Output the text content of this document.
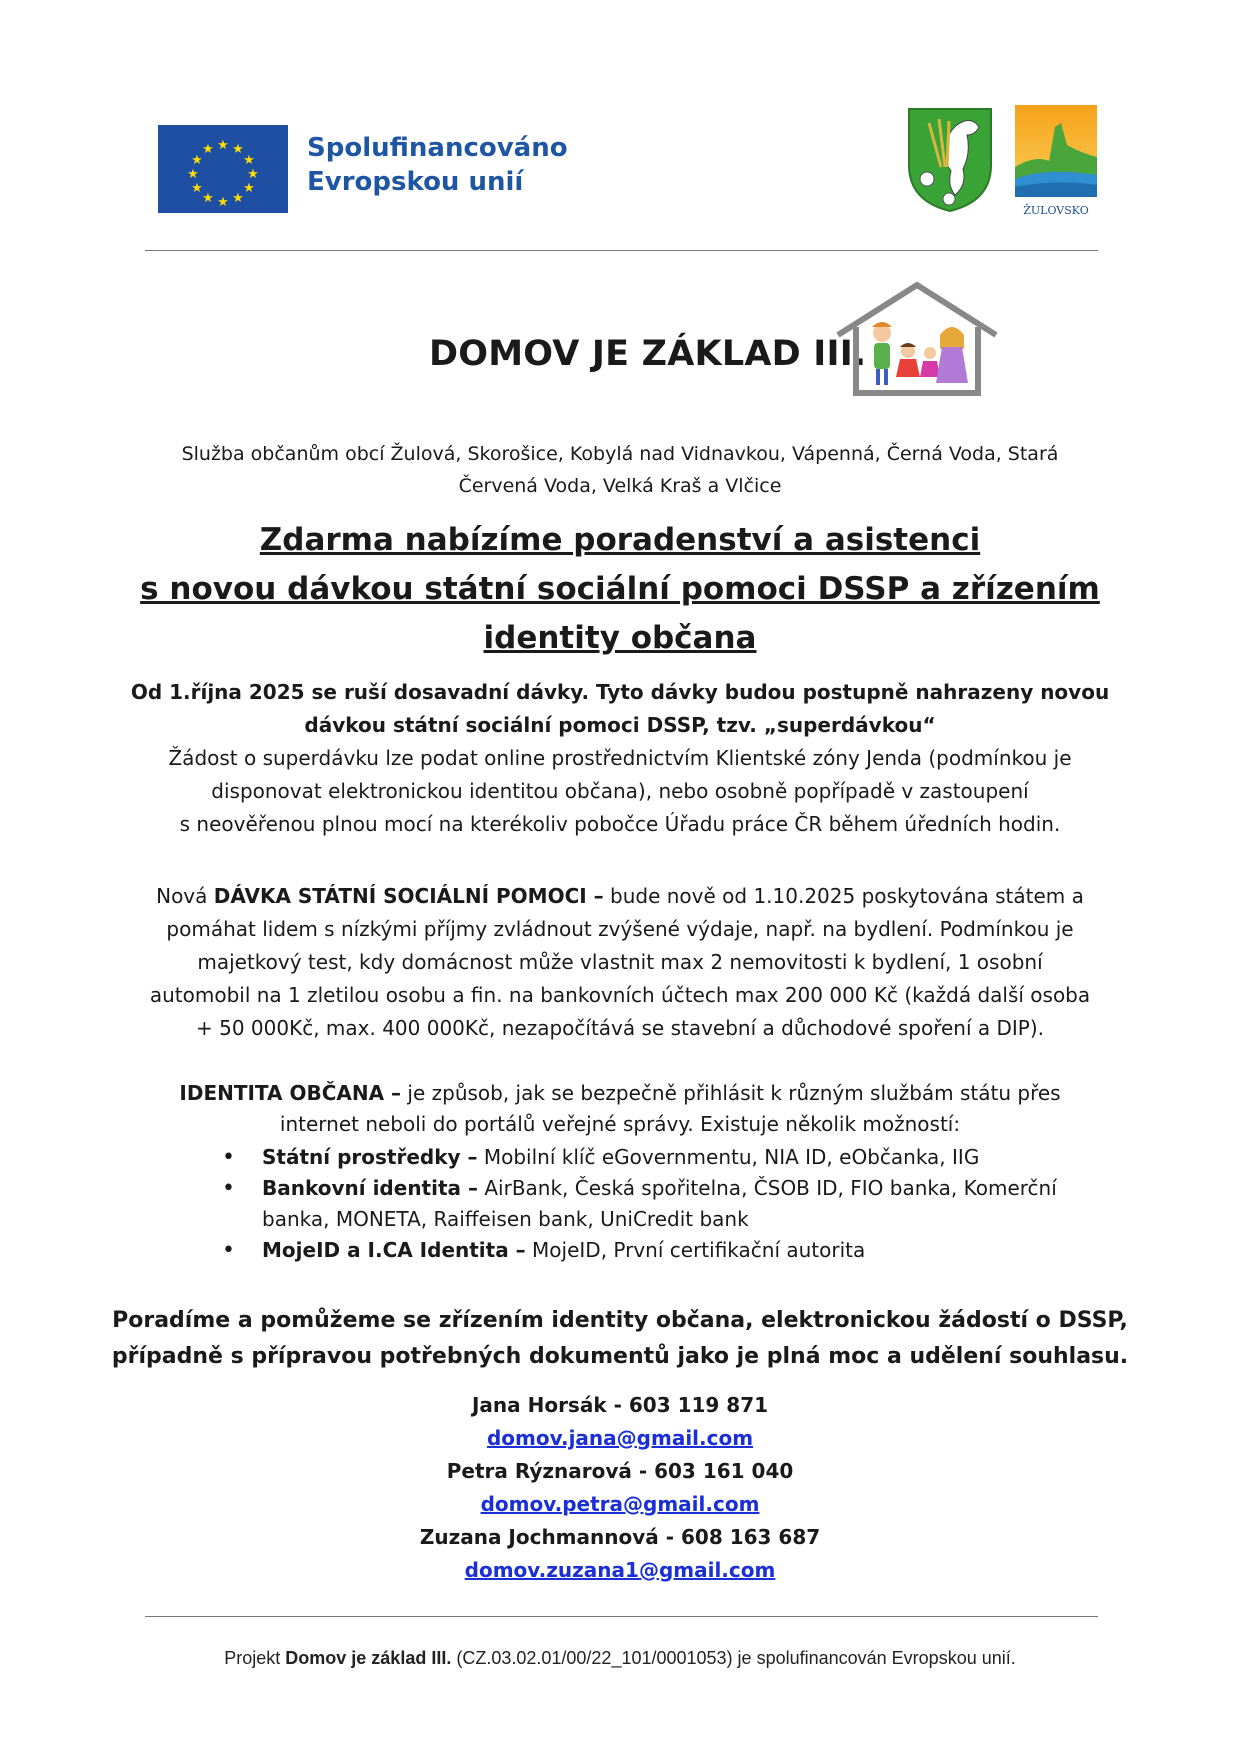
★ ★
★
★
★
★
★
★
★
★
★
★	Spolufinancováno
Evropskou unií
ŽULOVSKO
DOMOV JE ZÁKLAD III.
Služba občanům obcí Žulová, Skorošice, Kobylá nad Vidnavkou, Vápenná, Černá Voda, Stará
Červená Voda, Velká Kraš a Vlčice
Zdarma nabízíme poradenství a asistenci
s novou dávkou státní sociální pomoci DSSP a zřízením
identity občana
Od 1.října 2025 se ruší dosavadní dávky. Tyto dávky budou postupně nahrazeny novou
dávkou státní sociální pomoci DSSP, tzv. „superdávkou“
Žádost o superdávku lze podat online prostřednictvím Klientské zóny Jenda (podmínkou je
disponovat elektronickou identitou občana), nebo osobně popřípadě v zastoupení
s neověřenou plnou mocí na kterékoliv pobočce Úřadu práce ČR během úředních hodin.
Nová DÁVKA STÁTNÍ SOCIÁLNÍ POMOCI – bude nově od 1.10.2025 poskytována státem a
pomáhat lidem s nízkými příjmy zvládnout zvýšené výdaje, např. na bydlení. Podmínkou je
majetkový test, kdy domácnost může vlastnit max 2 nemovitosti k bydlení, 1 osobní
automobil na 1 zletilou osobu a fin. na bankovních účtech max 200 000 Kč (každá další osoba
+ 50 000Kč, max. 400 000Kč, nezapočítává se stavební a důchodové spoření a DIP).
IDENTITA OBČANA – je způsob, jak se bezpečně přihlásit k různým službám státu přes
internet neboli do portálů veřejné správy. Existuje několik možností:
• Státní prostředky – Mobilní klíč eGovernmentu, NIA ID, eObčanka, IIG
• Bankovní identita – AirBank, Česká spořitelna, ČSOB ID, FIO banka, Komerční banka, MONETA, Raiffeisen bank, UniCredit bank
• MojeID a I.CA Identita – MojeID, První certifikační autorita
Poradíme a pomůžeme se zřízením identity občana, elektronickou žádostí o DSSP,
případně s přípravou potřebných dokumentů jako je plná moc a udělení souhlasu.
Jana Horsák - 603 119 871
domov.jana@gmail.com
Petra Rýznarová - 603 161 040
domov.petra@gmail.com
Zuzana Jochmannová - 608 163 687
domov.zuzana1@gmail.com
Projekt Domov je základ III. (CZ.03.02.01/00/22_101/0001053) je spolufinancován Evropskou unií.
